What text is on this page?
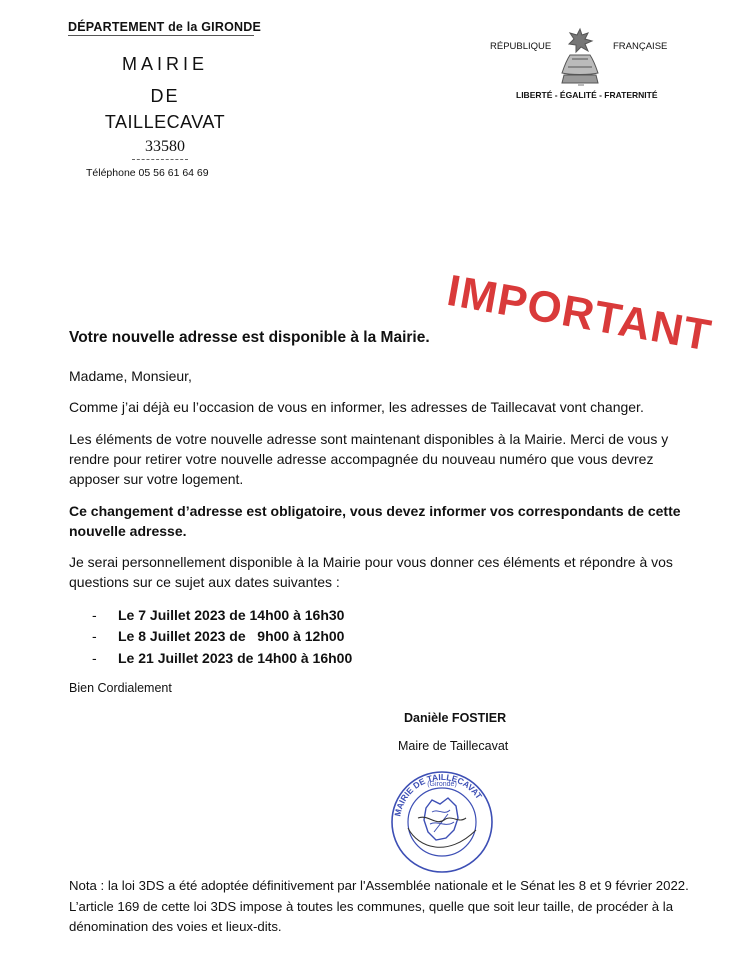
DÉPARTEMENT de la GIRONDE
MAIRIE
DE
TAILLECAVAT
33580
Téléphone 05 56 61 64 69
RÉPUBLIQUE	FRANÇAISE
LIBERTÉ - ÉGALITÉ - FRATERNITÉ
IMPORTANT
Votre nouvelle adresse est disponible à la Mairie.
Madame, Monsieur,
Comme j’ai déjà eu l’occasion de vous en informer, les adresses de Taillecavat vont changer.
Les éléments de votre nouvelle adresse sont maintenant disponibles à la Mairie. Merci de vous y rendre pour retirer votre nouvelle adresse accompagnée du nouveau numéro que vous devrez apposer sur votre logement.
Ce changement d’adresse est obligatoire, vous devez informer vos correspondants de cette nouvelle adresse.
Je serai personnellement disponible à la Mairie pour vous donner ces éléments et répondre à vos questions sur ce sujet aux dates suivantes :
- Le 7 Juillet 2023 de 14h00 à 16h30
- Le 8 Juillet 2023 de   9h00 à 12h00
- Le 21 Juillet 2023 de 14h00 à 16h00
Bien Cordialement
Danièle FOSTIER
Maire de Taillecavat
MAIRIE DE TAILLECAVAT
(Gironde)
Nota : la loi 3DS a été adoptée définitivement par l'Assemblée nationale et le Sénat les 8 et 9 février 2022. L’article 169 de cette loi 3DS impose à toutes les communes, quelle que soit leur taille, de procéder à la dénomination des voies et lieux-dits.
